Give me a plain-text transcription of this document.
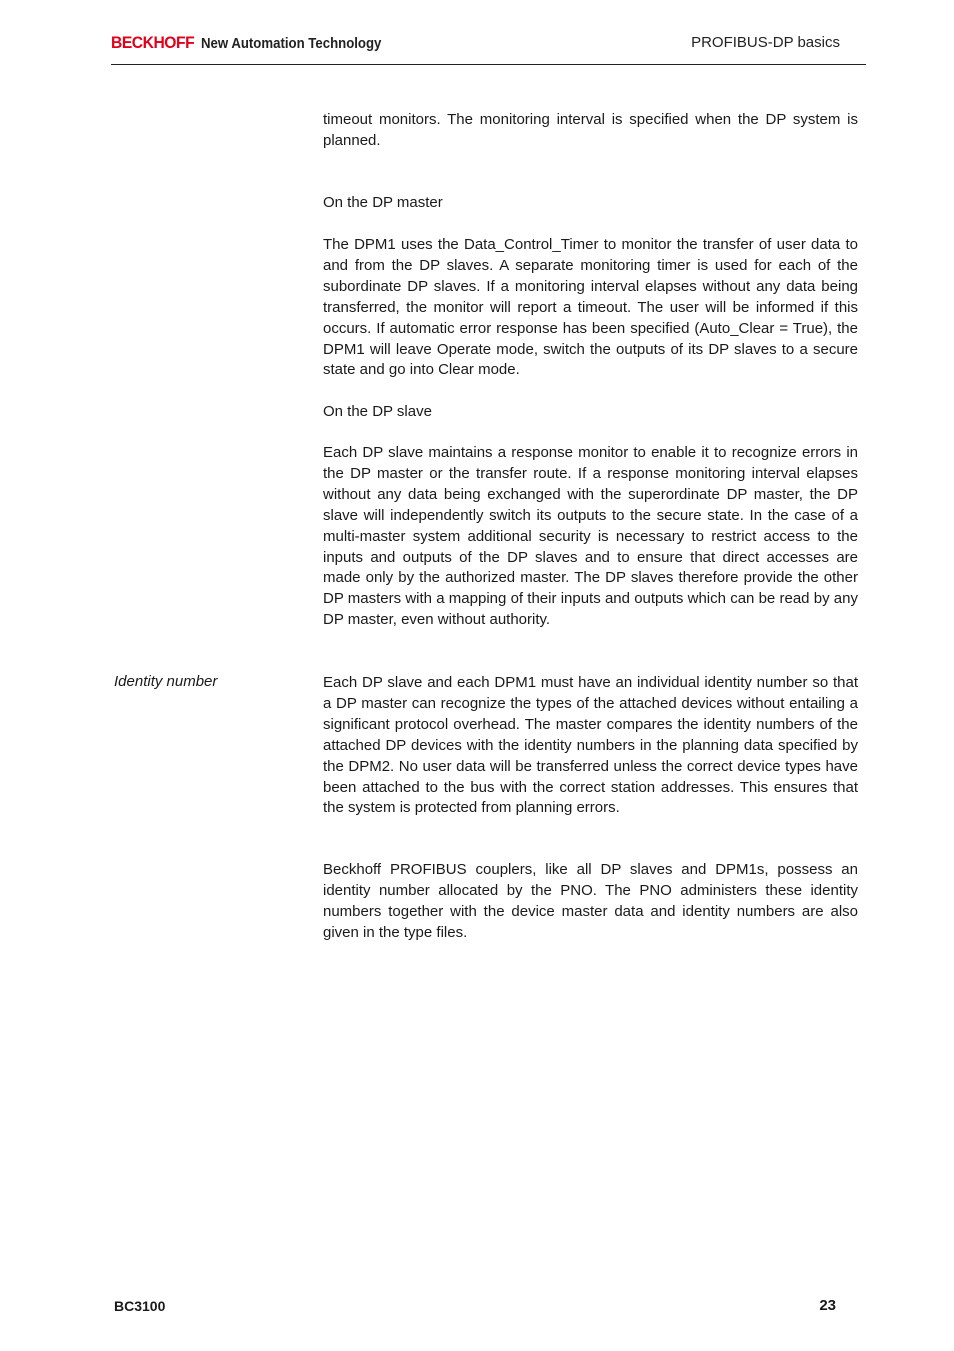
BECKHOFF New Automation Technology	PROFIBUS-DP basics
timeout monitors. The monitoring interval is specified when the DP system is planned.
On the DP master
The DPM1 uses the Data_Control_Timer to monitor the transfer of user data to and from the DP slaves. A separate monitoring timer is used for each of the subordinate DP slaves. If a monitoring interval elapses without any data being transferred, the monitor will report a timeout. The user will be informed if this occurs. If automatic error response has been specified (Auto_Clear = True), the DPM1 will leave Operate mode, switch the outputs of its DP slaves to a secure state and go into Clear mode.
On the DP slave
Each DP slave maintains a response monitor to enable it to recognize errors in the DP master or the transfer route. If a response monitoring interval elapses without any data being exchanged with the superordinate DP master, the DP slave will independently switch its outputs to the secure state. In the case of a multi-master system additional security is necessary to restrict access to the inputs and outputs of the DP slaves and to ensure that direct accesses are made only by the authorized master. The DP slaves therefore provide the other DP masters with a mapping of their inputs and outputs which can be read by any DP master, even without authority.
Identity number	Each DP slave and each DPM1 must have an individual identity number so that a DP master can recognize the types of the attached devices without entailing a significant protocol overhead. The master compares the identity numbers of the attached DP devices with the identity numbers in the planning data specified by the DPM2. No user data will be transferred unless the correct device types have been attached to the bus with the correct station addresses. This ensures that the system is protected from planning errors.
Beckhoff PROFIBUS couplers, like all DP slaves and DPM1s, possess an identity number allocated by the PNO. The PNO administers these identity numbers together with the device master data and identity numbers are also given in the type files.
BC3100	23
